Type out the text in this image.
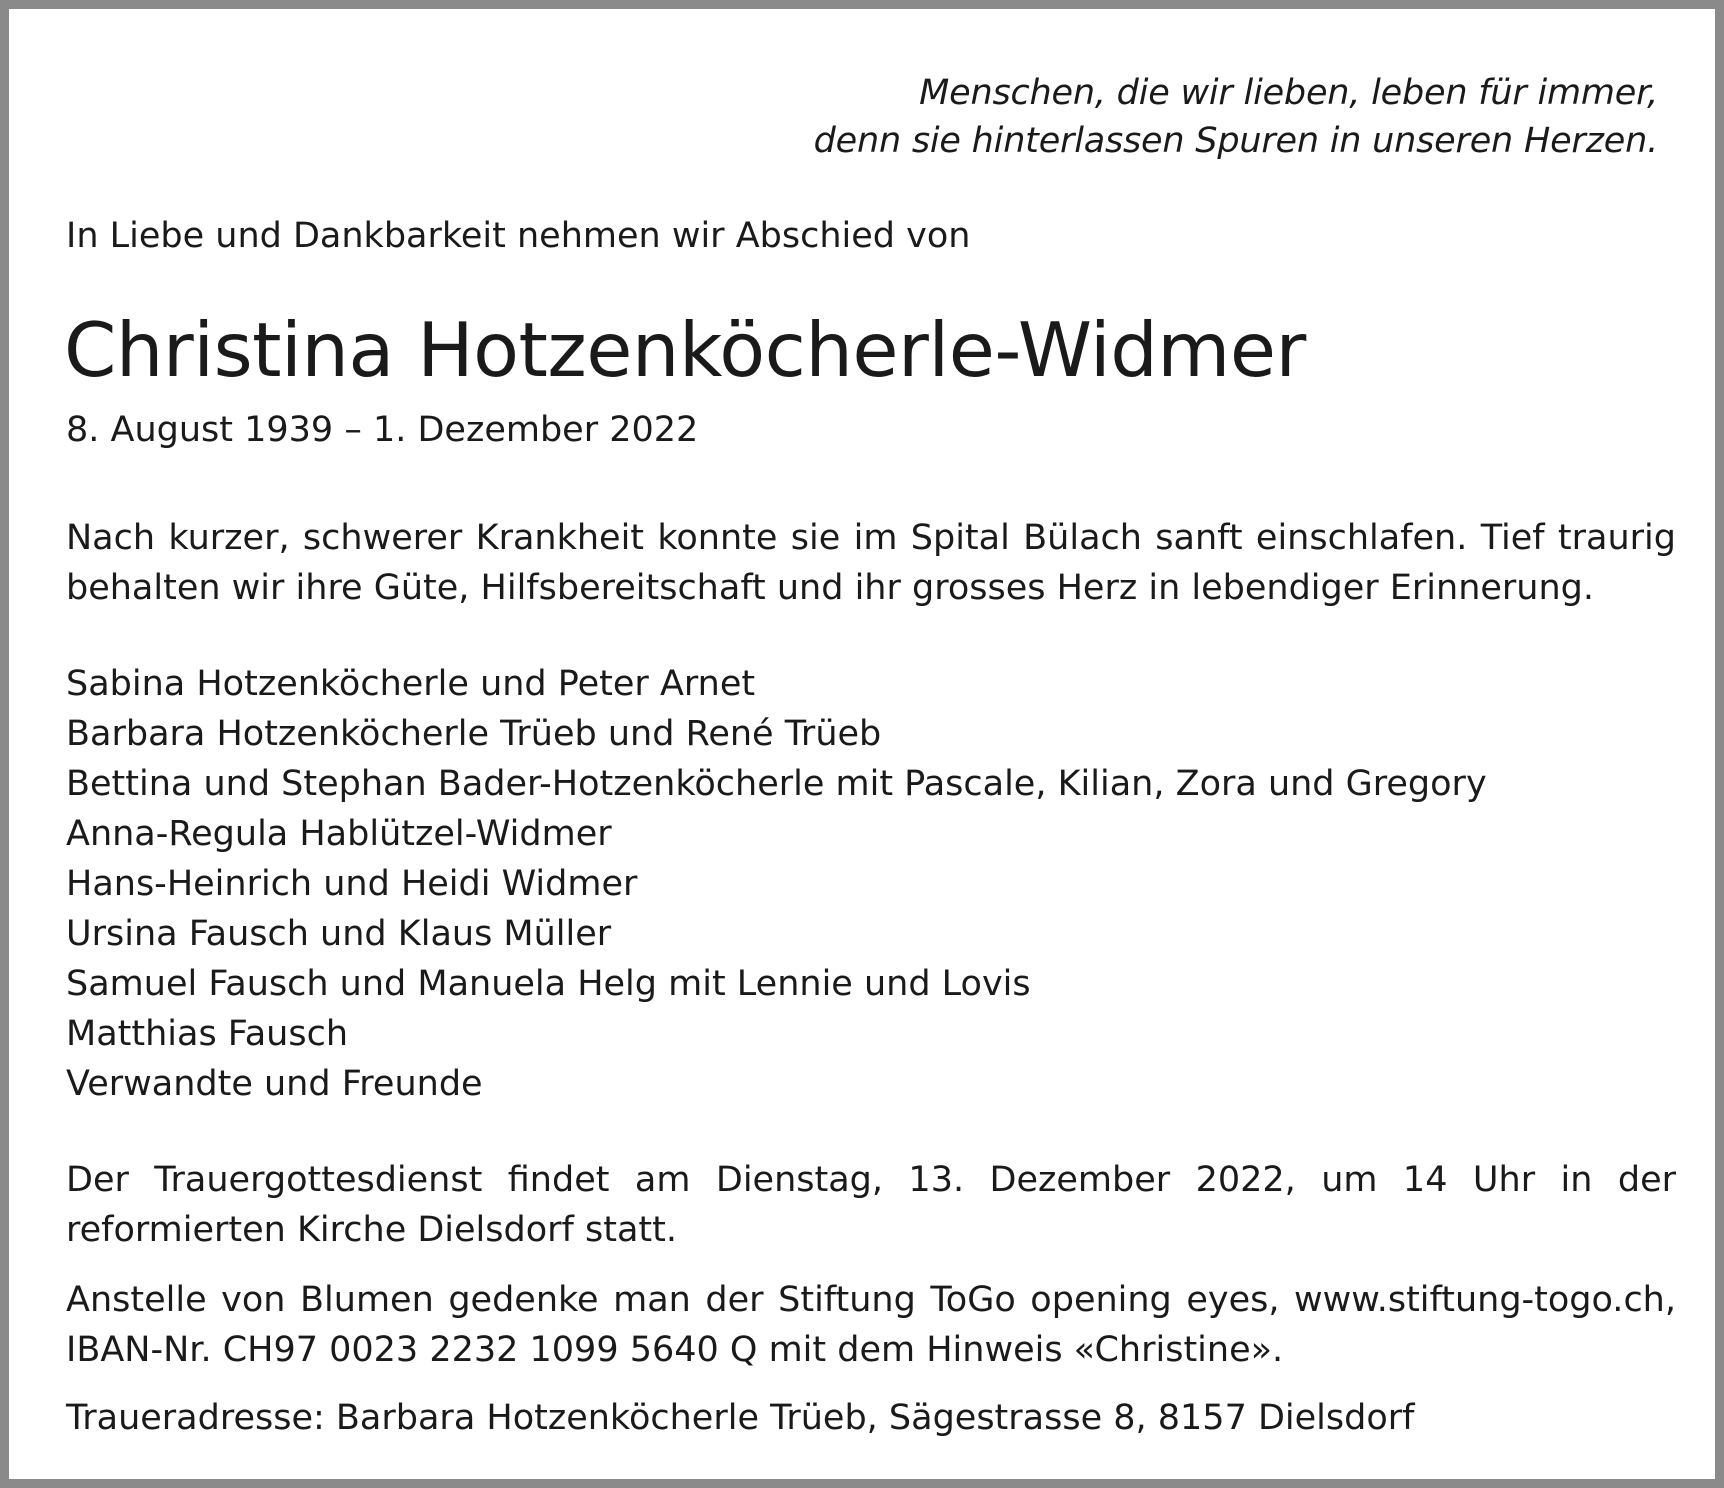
Menschen, die wir lieben, leben für immer,
denn sie hinterlassen Spuren in unseren Herzen.
In Liebe und Dankbarkeit nehmen wir Abschied von
Christina Hotzenköcherle-Widmer
8. August 1939 – 1. Dezember 2022
Nach kurzer, schwerer Krankheit konnte sie im Spital Bülach sanft einschlafen. Tief traurig behalten wir ihre Güte, Hilfsbereitschaft und ihr grosses Herz in lebendiger Erinnerung.
Sabina Hotzenköcherle und Peter Arnet
Barbara Hotzenköcherle Trüeb und René Trüeb
Bettina und Stephan Bader-Hotzenköcherle mit Pascale, Kilian, Zora und Gregory
Anna-Regula Hablützel-Widmer
Hans-Heinrich und Heidi Widmer
Ursina Fausch und Klaus Müller
Samuel Fausch und Manuela Helg mit Lennie und Lovis
Matthias Fausch
Verwandte und Freunde
Der Trauergottesdienst findet am Dienstag, 13. Dezember 2022, um 14 Uhr in der reformierten Kirche Dielsdorf statt.
Anstelle von Blumen gedenke man der Stiftung ToGo opening eyes, www.stiftung-togo.ch, IBAN-Nr. CH97 0023 2232 1099 5640 Q mit dem Hinweis «Christine».
Traueradresse: Barbara Hotzenköcherle Trüeb, Sägestrasse 8, 8157 Dielsdorf
